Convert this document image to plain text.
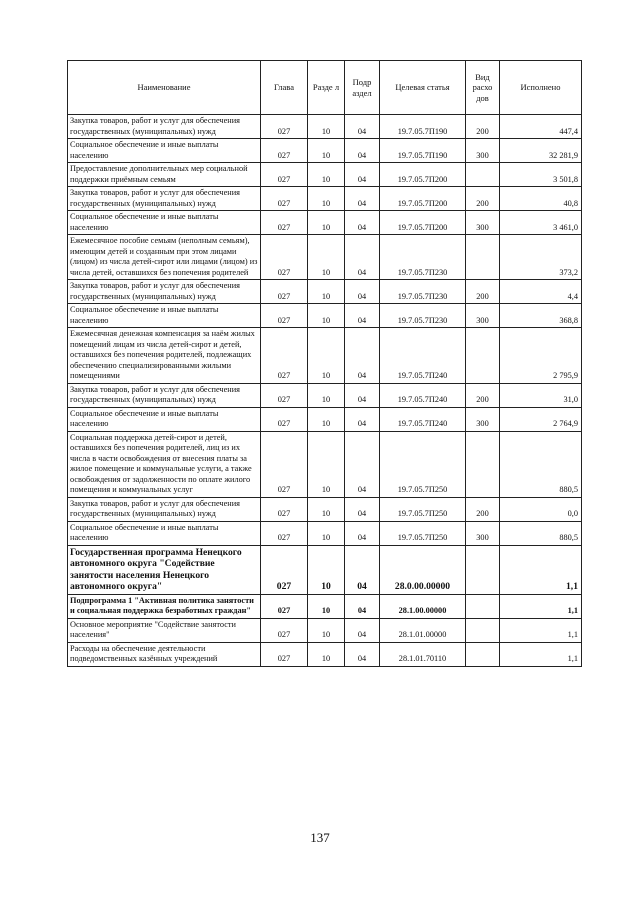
Наименование	Глава	Разде л	Подр аздел	Целевая статья	Вид расхо дов	Исполнено
Закупка товаров, работ и услуг для обеспечения государственных (муниципальных) нужд	027	10	04	19.7.05.7П190	200	447,4
Социальное обеспечение и иные выплаты населению	027	10	04	19.7.05.7П190	300	32 281,9
Предоставление дополнительных мер социальной поддержки приёмным семьям	027	10	04	19.7.05.7П200		3 501,8
Закупка товаров, работ и услуг для обеспечения государственных (муниципальных) нужд	027	10	04	19.7.05.7П200	200	40,8
Социальное обеспечение и иные выплаты населению	027	10	04	19.7.05.7П200	300	3 461,0
Ежемесячное пособие семьям (неполным семьям), имеющим детей и созданным при этом лицами (лицом) из числа детей-сирот или лицами (лицом) из числа детей, оставшихся без попечения родителей	027	10	04	19.7.05.7П230		373,2
Закупка товаров, работ и услуг для обеспечения государственных (муниципальных) нужд	027	10	04	19.7.05.7П230	200	4,4
Социальное обеспечение и иные выплаты населению	027	10	04	19.7.05.7П230	300	368,8
Ежемесячная денежная компенсация за наём жилых помещений лицам из числа детей-сирот и детей, оставшихся без попечения родителей, подлежащих обеспечению специализированными жилыми помещениями	027	10	04	19.7.05.7П240		2 795,9
Закупка товаров, работ и услуг для обеспечения государственных (муниципальных) нужд	027	10	04	19.7.05.7П240	200	31,0
Социальное обеспечение и иные выплаты населению	027	10	04	19.7.05.7П240	300	2 764,9
Социальная поддержка детей-сирот и детей, оставшихся без попечения родителей, лиц из их числа в части освобождения от внесения платы за жилое помещение и коммунальные услуги, а также освобождения от задолженности по оплате жилого помещения и коммунальных услуг	027	10	04	19.7.05.7П250		880,5
Закупка товаров, работ и услуг для обеспечения государственных (муниципальных) нужд	027	10	04	19.7.05.7П250	200	0,0
Социальное обеспечение и иные выплаты населению	027	10	04	19.7.05.7П250	300	880,5
Государственная программа Ненецкого автономного округа "Содействие занятости населения Ненецкого автономного округа"	027	10	04	28.0.00.00000		1,1
Подпрограмма 1 "Активная политика занятости и социальная поддержка безработных граждан"	027	10	04	28.1.00.00000		1,1
Основное мероприятие "Содействие занятости населения"	027	10	04	28.1.01.00000		1,1
Расходы на обеспечение деятельности подведомственных казённых учреждений	027	10	04	28.1.01.70110		1,1
137
